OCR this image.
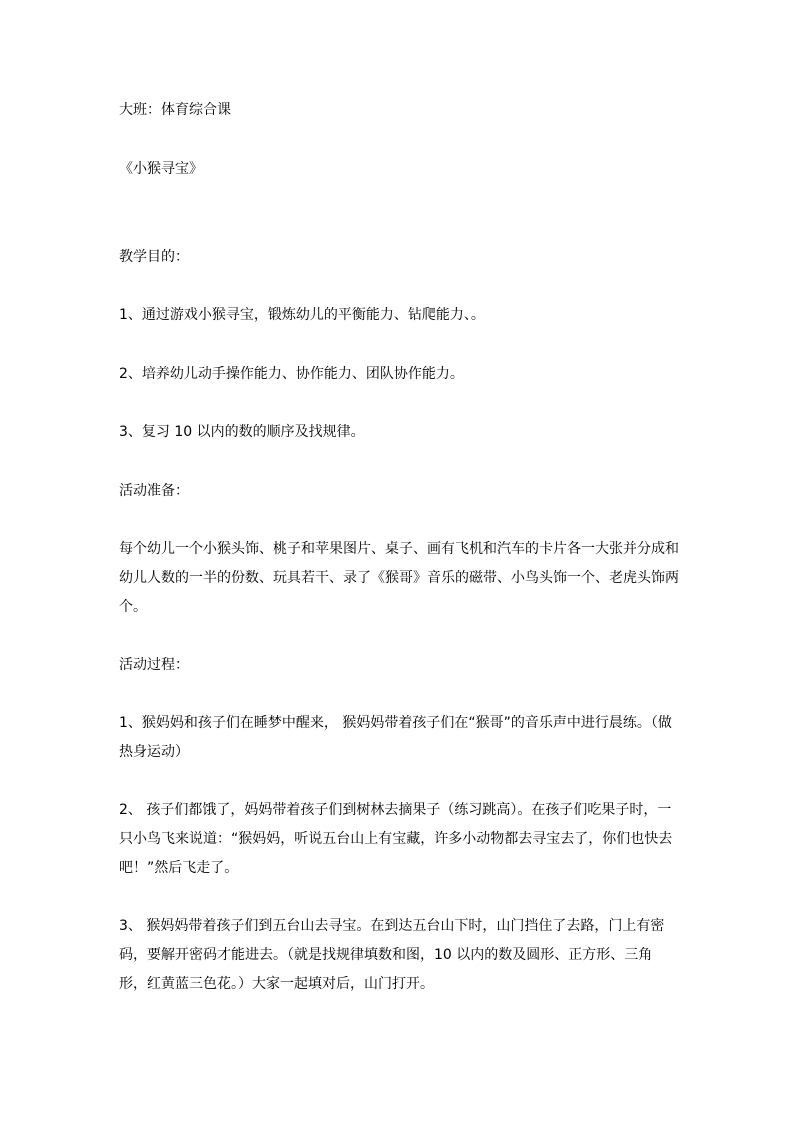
大班：体育综合课

《小猴寻宝》

教学目的：

1、通过游戏小猴寻宝，锻炼幼儿的平衡能力、钻爬能力、。

2、培养幼儿动手操作能力、协作能力、团队协作能力。

3、复习 10 以内的数的顺序及找规律。

活动准备：

每个幼儿一个小猴头饰、桃子和苹果图片、桌子、画有飞机和汽车的卡片各一大张并分成和幼儿人数的一半的份数、玩具若干、录了《猴哥》音乐的磁带、小鸟头饰一个、老虎头饰两个。

活动过程：

1、猴妈妈和孩子们在睡梦中醒来， 猴妈妈带着孩子们在“猴哥”的音乐声中进行晨练。（做热身运动）

2、 孩子们都饿了，妈妈带着孩子们到树林去摘果子（练习跳高）。在孩子们吃果子时，一只小鸟飞来说道：“猴妈妈，听说五台山上有宝藏，许多小动物都去寻宝去了，你们也快去吧！”然后飞走了。

3、 猴妈妈带着孩子们到五台山去寻宝。在到达五台山下时，山门挡住了去路，门上有密码，要解开密码才能进去。（就是找规律填数和图，10 以内的数及圆形、正方形、三角形，红黄蓝三色花。）大家一起填对后，山门打开。
